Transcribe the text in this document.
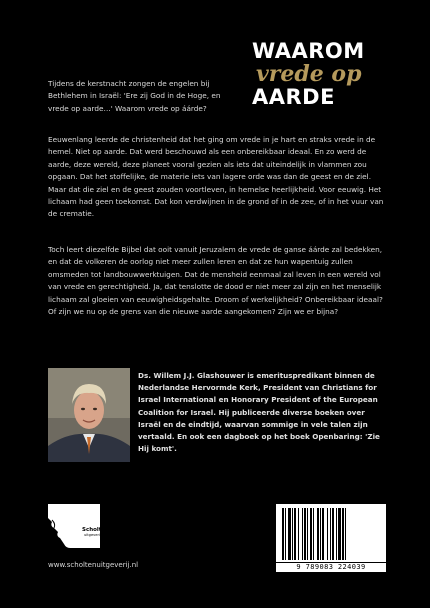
WAAROM
vrede op
AARDE

Tijdens de kerstnacht zongen de engelen bij Bethlehem in Israël: 'Ere zij God in de Hoge, en vrede op aarde…' Waarom vrede op áárde?

Eeuwenlang leerde de christenheid dat het ging om vrede in je hart en straks vrede in de hemel. Niet op aarde. Dat werd beschouwd als een onbereikbaar ideaal. En zo werd de aarde, deze wereld, deze planeet vooral gezien als iets dat uiteindelijk in vlammen zou opgaan. Dat het stoffelijke, de materie iets van lagere orde was dan de geest en de ziel. Maar dat die ziel en de geest zouden voortleven, in hemelse heerlijkheid. Voor eeuwig. Het lichaam had geen toekomst. Dat kon verdwijnen in de grond of in de zee, of in het vuur van de crematie.

Toch leert diezelfde Bijbel dat ooit vanuit Jeruzalem de vrede de ganse áárde zal bedekken, en dat de volkeren de oorlog niet meer zullen leren en dat ze hun wapentuig zullen omsmeden tot landbouwwerktuigen. Dat de mensheid eenmaal zal leven in een wereld vol van vrede en gerechtigheid. Ja, dat tenslotte de dood er niet meer zal zijn en het menselijk lichaam zal gloeien van eeuwigheidsgehalte. Droom of werkelijkheid? Onbereikbaar ideaal? Of zijn we nu op de grens van die nieuwe aarde aangekomen? Zijn we er bijna?

Ds. Willem J.J. Glashouwer is emerituspredikant binnen de Nederlandse Hervormde Kerk, President van Christians for Israel International en Honorary President of the European Coalition for Israel. Hij publiceerde diverse boeken over Israël en de eindtijd, waarvan sommige in vele talen zijn vertaald. En ook een dagboek op het boek Openbaring: 'Zie Hij komt'.

Scholten
uitgeverij
www.scholtenuitgeverij.nl	9 789083 224039
